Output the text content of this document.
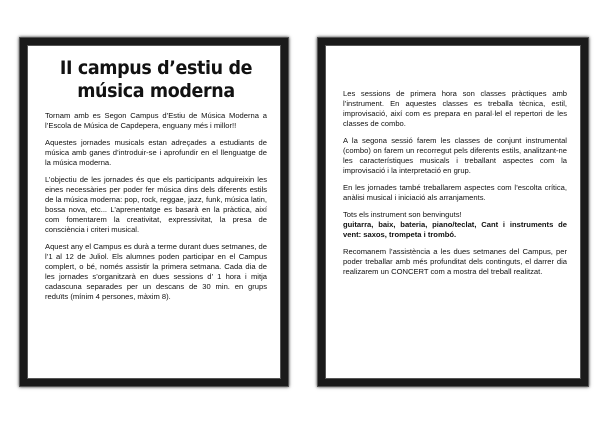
II campus d’estiu de
música moderna

Tornam amb es Segon Campus d’Estiu de Música Moderna a l’Escola de Música de Capdepera, enguany més i millor!!

Aquestes jornades musicals estan adreçades a estudiants de música amb ganes d’introduir-se i aprofundir en el llenguatge de la música moderna.

L’objectiu de les jornades és que els participants adquireixin les eines necessàries per poder fer música dins dels diferents estils de la música moderna: pop, rock, reggae, jazz, funk, música latin, bossa nova, etc... L’aprenentatge es basarà en la pràctica, així com fomentarem la creativitat, expressivitat, la presa de consciència i criteri musical.

Aquest any el Campus es durà a terme durant dues setmanes, de l’1 al 12 de Juliol. Els alumnes poden participar en el Campus complert, o bé, només assistir la primera setmana. Cada dia de les jornades s’organitzarà en dues sessions d’ 1 hora i mitja cadascuna separades per un descans de 30 min. en grups reduïts (mínim 4 persones, màxim 8).

Les sessions de primera hora son classes pràctiques amb l’instrument. En aquestes classes es treballa tècnica, estil, improvisació, així com es prepara en paral·lel el repertori de les classes de combo.

A la segona sessió farem les classes de conjunt instrumental (combo) on farem un recorregut pels diferents estils, analitzant-ne les característiques musicals i treballant aspectes com la improvisació i la interpretació en grup.

En les jornades també treballarem aspectes com l’escolta crítica, anàlisi musical i iniciació als arranjaments.

Tots els instrument son benvinguts!
guitarra, baix, bateria, piano/teclat, Cant i instruments de vent: saxos, trompeta i trombó.

Recomanem l’assistència a les dues setmanes del Campus, per poder treballar amb més profunditat dels continguts, el darrer dia realizarem un CONCERT com a mostra del treball realitzat.
